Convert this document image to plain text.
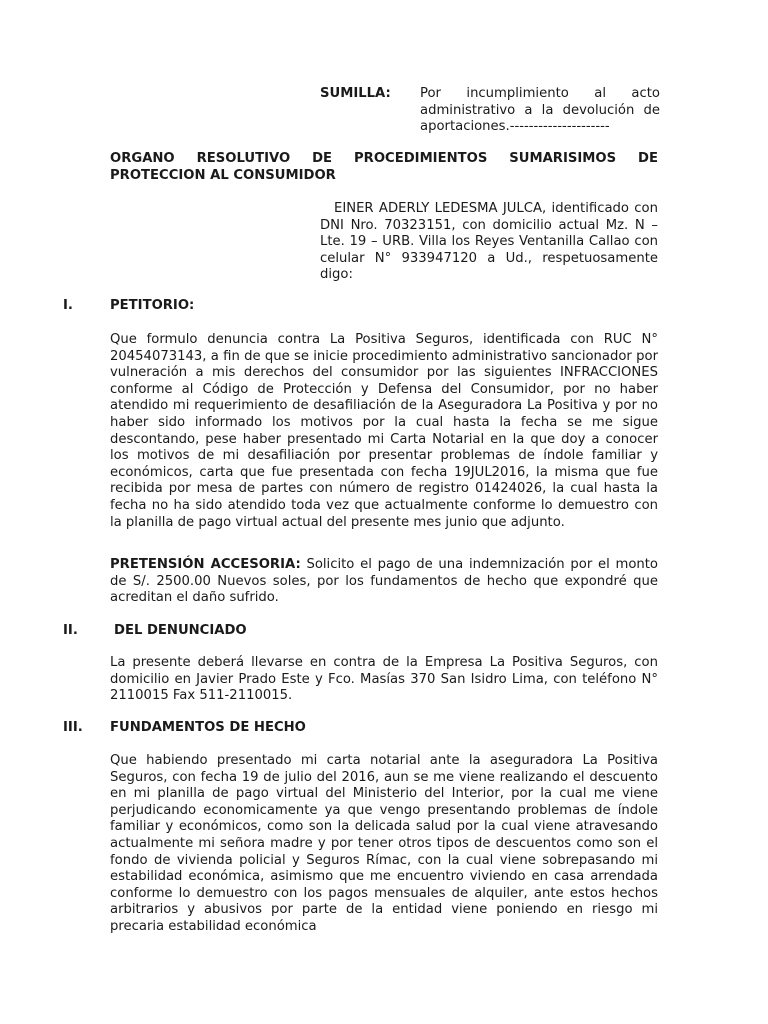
SUMILLA: Por incumplimiento al acto administrativo a la devolución de aportaciones.---------------------
ORGANO RESOLUTIVO DE PROCEDIMIENTOS SUMARISIMOS DE PROTECCION AL CONSUMIDOR
EINER ADERLY LEDESMA JULCA, identificado con DNI Nro. 70323151, con domicilio actual Mz. N – Lte. 19 – URB. Villa los Reyes Ventanilla Callao con celular N° 933947120 a Ud., respetuosamente digo:
I.	PETITORIO:
Que formulo denuncia contra La Positiva Seguros, identificada con RUC N° 20454073143, a fin de que se inicie procedimiento administrativo sancionador por vulneración a mis derechos del consumidor por las siguientes INFRACCIONES conforme al Código de Protección y Defensa del Consumidor, por no haber atendido mi requerimiento de desafiliación de la Aseguradora La Positiva y por no haber sido informado los motivos por la cual hasta la fecha se me sigue descontando, pese haber presentado mi Carta Notarial en la que doy a conocer los motivos de mi desafiliación por presentar problemas de índole familiar y económicos, carta que fue presentada con fecha 19JUL2016, la misma que fue recibida por mesa de partes con número de registro 01424026, la cual hasta la fecha no ha sido atendido toda vez que actualmente conforme lo demuestro con la planilla de pago virtual actual del presente mes junio que adjunto.
PRETENSIÓN ACCESORIA: Solicito el pago de una indemnización por el monto de S/. 2500.00 Nuevos soles, por los fundamentos de hecho que expondré que acreditan el daño sufrido.
II.	DEL DENUNCIADO
La presente deberá llevarse en contra de la Empresa La Positiva Seguros, con domicilio en Javier Prado Este y Fco. Masías 370 San Isidro Lima, con teléfono N° 2110015 Fax 511-2110015.
III. FUNDAMENTOS DE HECHO
Que habiendo presentado mi carta notarial ante la aseguradora La Positiva Seguros, con fecha 19 de julio del 2016, aun se me viene realizando el descuento en mi planilla de pago virtual del Ministerio del Interior, por la cual me viene perjudicando economicamente ya que vengo presentando problemas de índole familiar y económicos, como son la delicada salud por la cual viene atravesando actualmente mi señora madre y por tener otros tipos de descuentos como son el fondo de vivienda policial y Seguros Rímac, con la cual viene sobrepasando mi estabilidad económica, asimismo que me encuentro viviendo en casa arrendada conforme lo demuestro con los pagos mensuales de alquiler, ante estos hechos arbitrarios y abusivos por parte de la entidad viene poniendo en riesgo mi precaria estabilidad económica
